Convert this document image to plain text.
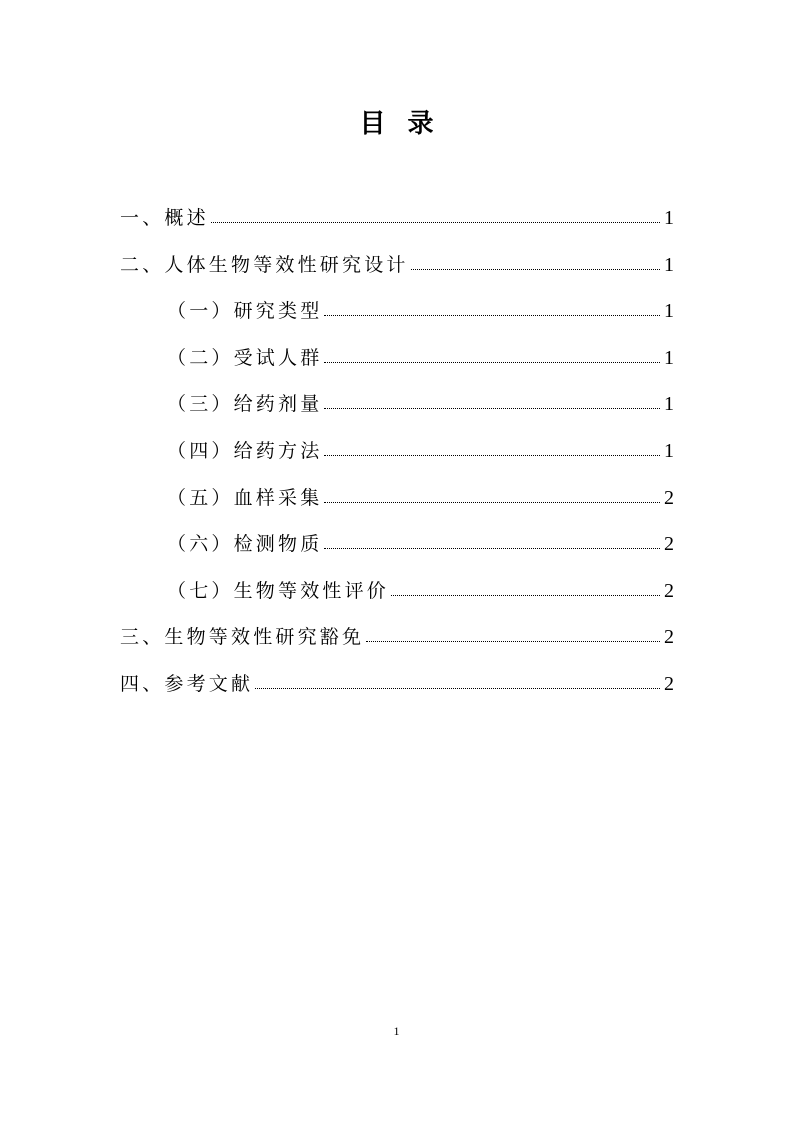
目 录
一、概述	1
二、人体生物等效性研究设计	1
（一）研究类型	1
（二）受试人群	1
（三）给药剂量	1
（四）给药方法	1
（五）血样采集	2
（六）检测物质	2
（七）生物等效性评价	2
三、生物等效性研究豁免	2
四、参考文献	2
1
